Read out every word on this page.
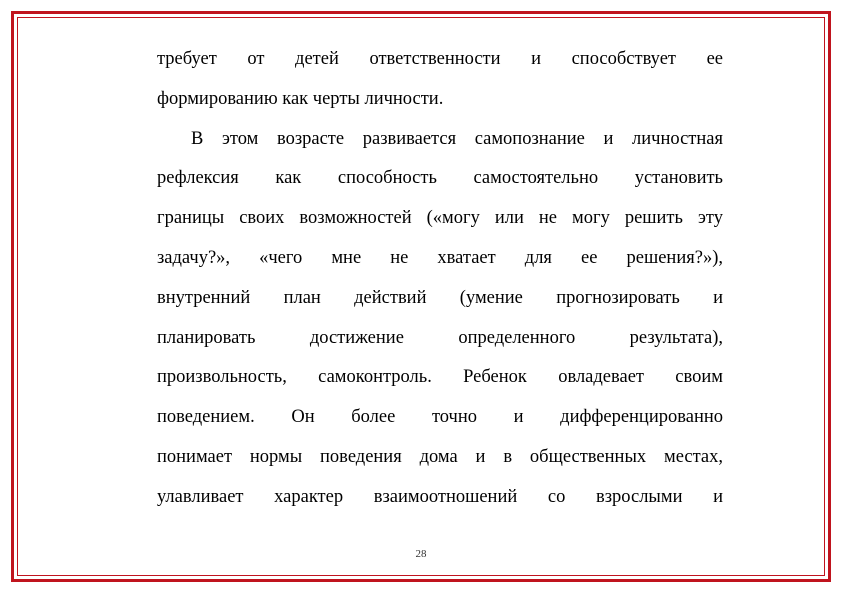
требует от детей ответственности и способствует ее
формированию как черты личности.
В этом возрасте развивается самопознание и личностная
рефлексия как способность самостоятельно установить
границы своих возможностей («могу или не могу решить эту
задачу?», «чего мне не хватает для ее решения?»),
внутренний план действий (умение прогнозировать и
планировать достижение определенного результата),
произвольность, самоконтроль. Ребенок овладевает своим
поведением. Он более точно и дифференцированно
понимает нормы поведения дома и в общественных местах,
улавливает характер взаимоотношений со взрослыми и
28
